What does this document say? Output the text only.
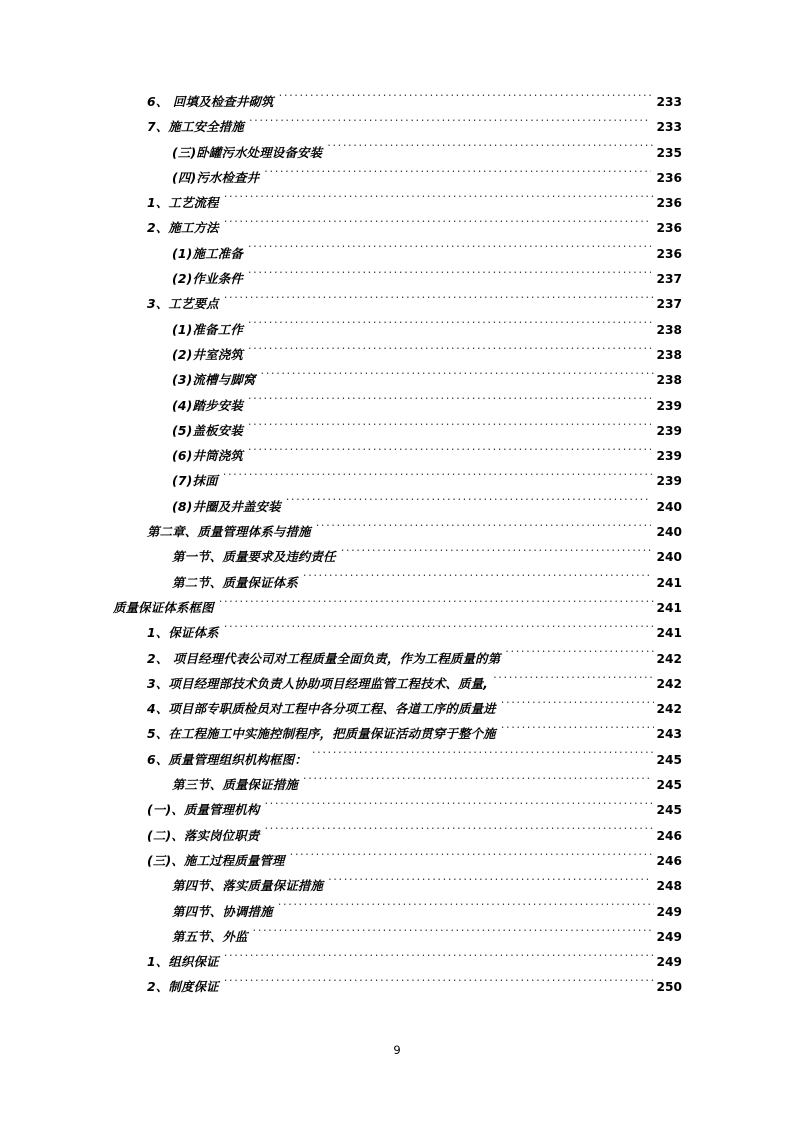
6、 回填及检查井砌筑 .....	233
7、施工安全措施 .....	233
(三)卧罐污水处理设备安装 .....	235
(四)污水检查井 .....	236
1、工艺流程 .....	236
2、施工方法 .....	236
(1)施工准备 .....	236
(2)作业条件 .....	237
3、工艺要点 .....	237
(1)准备工作 .....	238
(2)井室浇筑 .....	238
(3)流槽与脚窝 .....	238
(4)踏步安装 .....	239
(5)盖板安装 .....	239
(6)井筒浇筑 .....	239
(7)抹面 .....	239
(8)井圈及井盖安装 .....	240
第二章、质量管理体系与措施 .....	240
第一节、质量要求及违约责任 .....	240
第二节、质量保证体系 .....	241
质量保证体系框图 .....	241
1、保证体系 .....	241
2、 项目经理代表公司对工程质量全面负责，作为工程质量的第 .....	242
3、项目经理部技术负责人协助项目经理监管工程技术、质量, .....	242
4、项目部专职质检员对工程中各分项工程、各道工序的质量进 .....	242
5、在工程施工中实施控制程序，把质量保证活动贯穿于整个施 .....	243
6、质量管理组织机构框图： .....	245
第三节、质量保证措施 .....	245
(一)、质量管理机构 .....	245
(二)、落实岗位职责 .....	246
(三)、施工过程质量管理 .....	246
第四节、落实质量保证措施 .....	248
第四节、协调措施 .....	249
第五节、外监 .....	249
1、组织保证 .....	249
2、制度保证 .....	250
9
